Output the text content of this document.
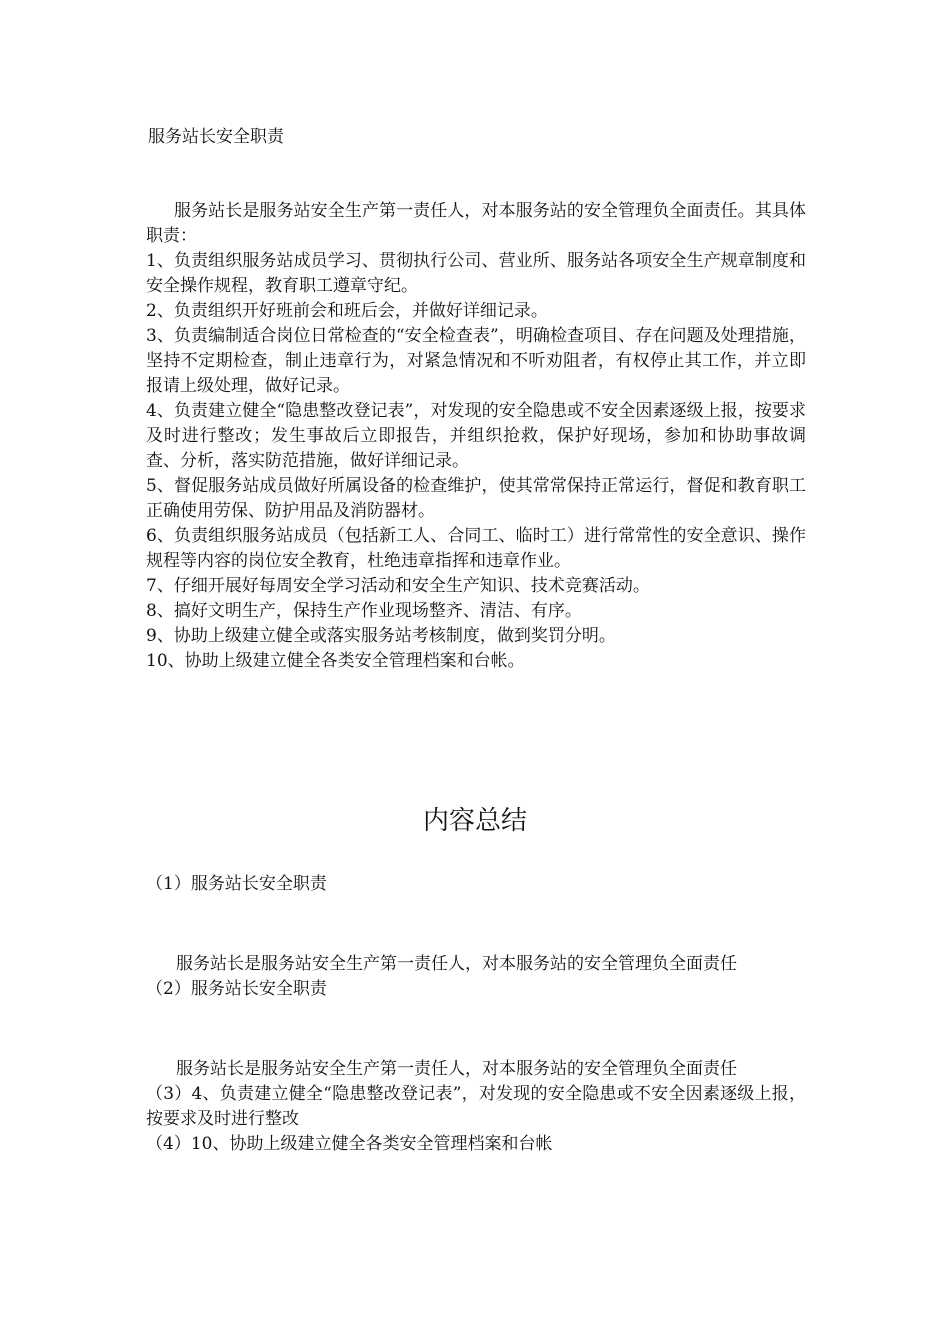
服务站长安全职责

服务站长是服务站安全生产第一责任人，对本服务站的安全管理负全面责任。其具体职责：

1、负责组织服务站成员学习、贯彻执行公司、营业所、服务站各项安全生产规章制度和安全操作规程，教育职工遵章守纪。

2、负责组织开好班前会和班后会，并做好详细记录。

3、负责编制适合岗位日常检查的“安全检查表”，明确检查项目、存在问题及处理措施，坚持不定期检查，制止违章行为，对紧急情况和不听劝阻者，有权停止其工作，并立即报请上级处理，做好记录。

4、负责建立健全“隐患整改登记表”，对发现的安全隐患或不安全因素逐级上报，按要求及时进行整改；发生事故后立即报告，并组织抢救，保护好现场，参加和协助事故调查、分析，落实防范措施，做好详细记录。

5、督促服务站成员做好所属设备的检查维护，使其常常保持正常运行，督促和教育职工正确使用劳保、防护用品及消防器材。

6、负责组织服务站成员（包括新工人、合同工、临时工）进行常常性的安全意识、操作规程等内容的岗位安全教育，杜绝违章指挥和违章作业。

7、仔细开展好每周安全学习活动和安全生产知识、技术竞赛活动。

8、搞好文明生产，保持生产作业现场整齐、清洁、有序。

9、协助上级建立健全或落实服务站考核制度，做到奖罚分明。

10、协助上级建立健全各类安全管理档案和台帐。

内容总结

（1）服务站长安全职责

服务站长是服务站安全生产第一责任人，对本服务站的安全管理负全面责任

（2）服务站长安全职责

服务站长是服务站安全生产第一责任人，对本服务站的安全管理负全面责任

（3）4、负责建立健全“隐患整改登记表”，对发现的安全隐患或不安全因素逐级上报，按要求及时进行整改

（4）10、协助上级建立健全各类安全管理档案和台帐
